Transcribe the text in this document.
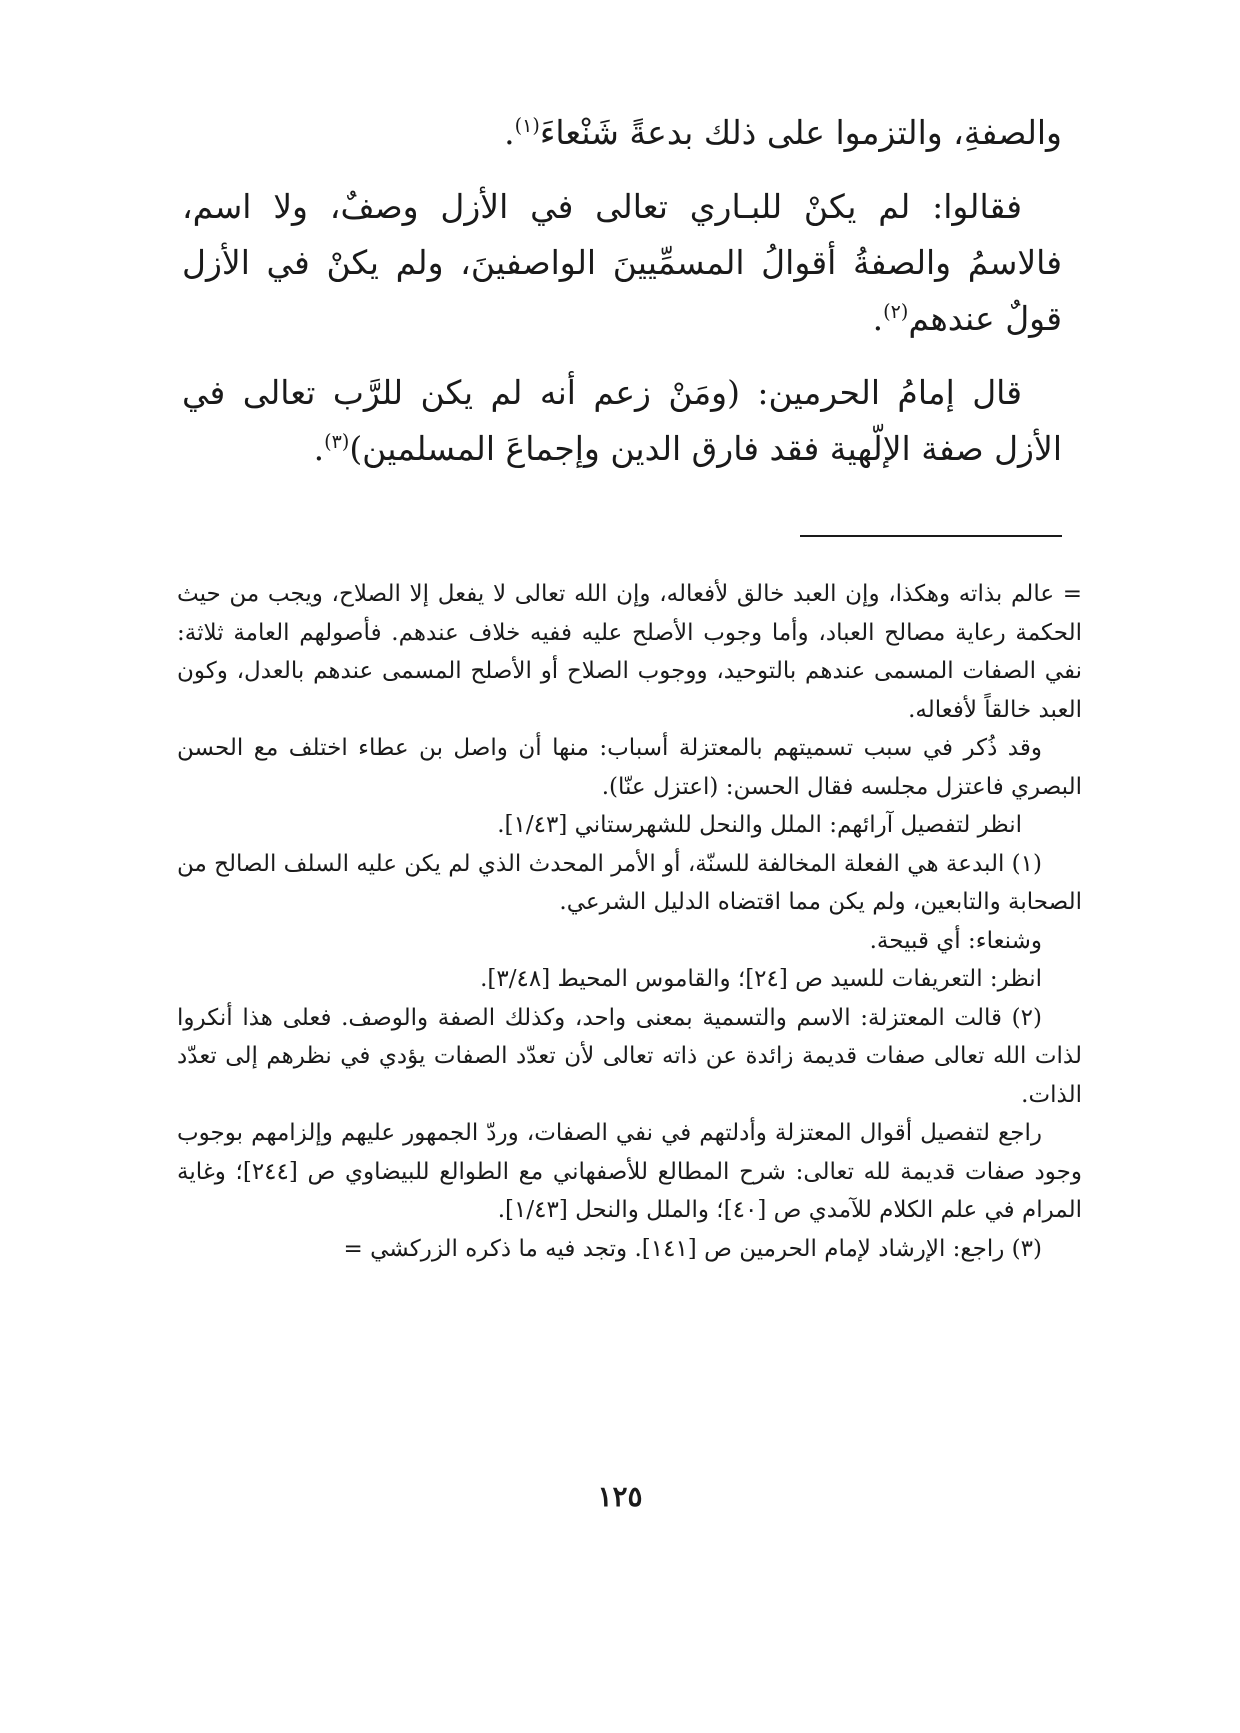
والصفةِ، والتزموا على ذلك بدعةً شَنْعاءَ$^{(١)}$.

فقالوا: لم يكنْ للبـاري تعالى في الأزل وصفٌ، ولا اسم، فالاسمُ والصفةُ أقوالُ المسمِّيينَ الواصفينَ، ولم يكنْ في الأزل قولٌ عندهم$^{(٢)}$.

قال إمامُ الحرمين: (ومَنْ زعم أنه لم يكن للرَّب تعالى في الأزل صفة الإلّهية فقد فارق الدين وإجماعَ المسلمين)$^{(٣)}$.

= عالم بذاته وهكذا، وإن العبد خالق لأفعاله، وإن الله تعالى لا يفعل إلا الصلاح، ويجب من حيث الحكمة رعاية مصالح العباد، وأما وجوب الأصلح عليه ففيه خلاف عندهم. فأصولهم العامة ثلاثة: نفي الصفات المسمى عندهم بالتوحيد، ووجوب الصلاح أو الأصلح المسمى عندهم بالعدل، وكون العبد خالقاً لأفعاله.

وقد ذُكر في سبب تسميتهم بالمعتزلة أسباب: منها أن واصل بن عطاء اختلف مع الحسن البصري فاعتزل مجلسه فقال الحسن: (اعتزل عنّا).

انظر لتفصيل آرائهم: الملل والنحل للشهرستاني [١/٤٣].

(١) البدعة هي الفعلة المخالفة للسنّة، أو الأمر المحدث الذي لم يكن عليه السلف الصالح من الصحابة والتابعين، ولم يكن مما اقتضاه الدليل الشرعي.

وشنعاء: أي قبيحة.

انظر: التعريفات للسيد ص [٢٤]؛ والقاموس المحيط [٣/٤٨].

(٢) قالت المعتزلة: الاسم والتسمية بمعنى واحد، وكذلك الصفة والوصف. فعلى هذا أنكروا لذات الله تعالى صفات قديمة زائدة عن ذاته تعالى لأن تعدّد الصفات يؤدي في نظرهم إلى تعدّد الذات.

راجع لتفصيل أقوال المعتزلة وأدلتهم في نفي الصفات، وردّ الجمهور عليهم وإلزامهم بوجوب وجود صفات قديمة لله تعالى: شرح المطالع للأصفهاني مع الطوالع للبيضاوي ص [٢٤٤]؛ وغاية المرام في علم الكلام للآمدي ص [٤٠]؛ والملل والنحل [١/٤٣].

(٣) راجع: الإرشاد لإمام الحرمين ص [١٤١]. وتجد فيه ما ذكره الزركشي =

١٢٥
